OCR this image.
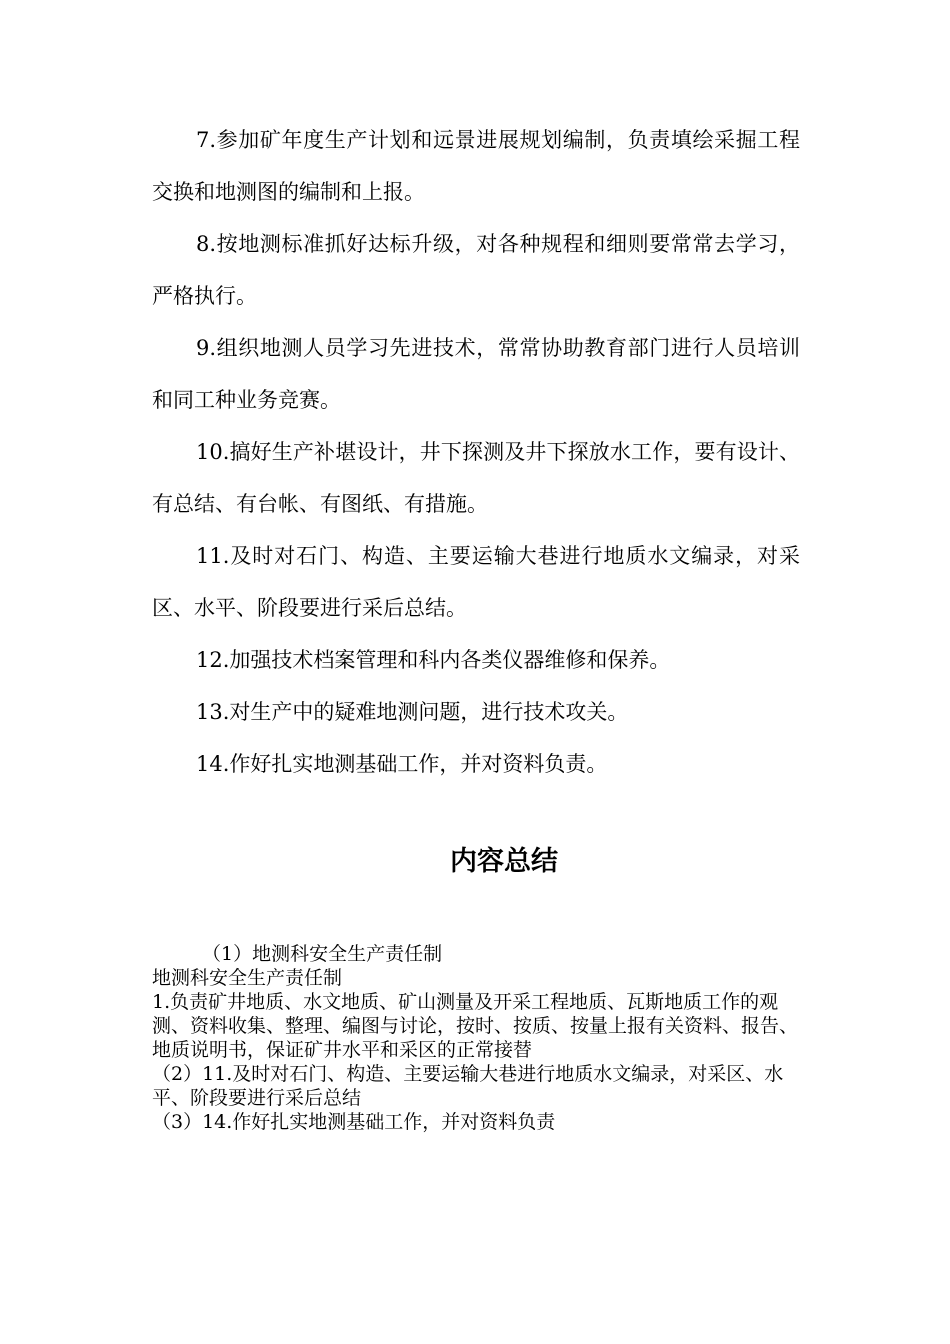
7.参加矿年度生产计划和远景进展规划编制，负责填绘采掘工程交换和地测图的编制和上报。

8.按地测标准抓好达标升级，对各种规程和细则要常常去学习，严格执行。

9.组织地测人员学习先进技术，常常协助教育部门进行人员培训和同工种业务竞赛。

10.搞好生产补堪设计，井下探测及井下探放水工作，要有设计、有总结、有台帐、有图纸、有措施。

11.及时对石门、构造、主要运输大巷进行地质水文编录，对采区、水平、阶段要进行采后总结。

12.加强技术档案管理和科内各类仪器维修和保养。

13.对生产中的疑难地测问题，进行技术攻关。

14.作好扎实地测基础工作，并对资料负责。

内容总结

（1）地测科安全生产责任制

地测科安全生产责任制

1.负责矿井地质、水文地质、矿山测量及开采工程地质、瓦斯地质工作的观测、资料收集、整理、编图与讨论，按时、按质、按量上报有关资料、报告、地质说明书，保证矿井水平和采区的正常接替

（2）11.及时对石门、构造、主要运输大巷进行地质水文编录，对采区、水平、阶段要进行采后总结

（3）14.作好扎实地测基础工作，并对资料负责
